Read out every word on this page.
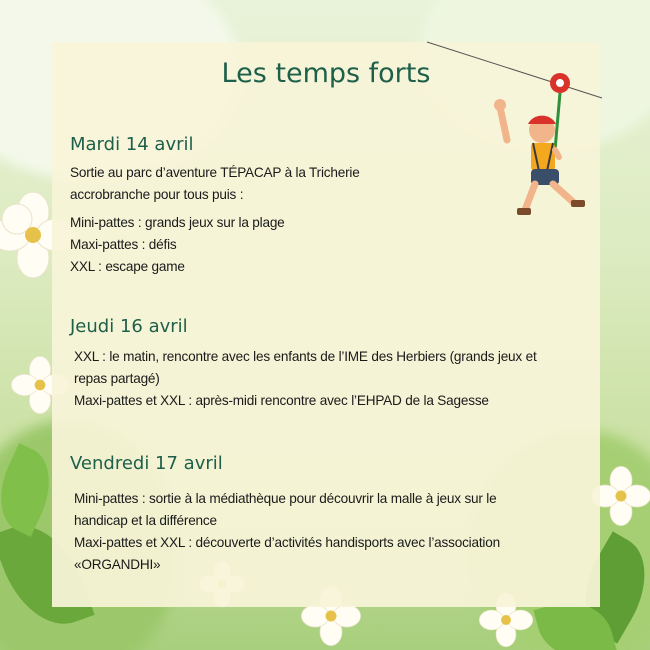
Les temps forts
Mardi 14 avril

Sortie au parc d’aventure TÉPACAP à la Tricherie

accrobranche pour tous puis :

Mini-pattes : grands jeux sur la plage

Maxi-pattes : défis

XXL : escape game

Jeudi 16 avril

XXL : le matin, rencontre avec les enfants de l’IME des Herbiers (grands jeux et

repas partagé)

Maxi-pattes et XXL : après-midi rencontre avec l’EHPAD de la Sagesse

Vendredi 17 avril

Mini-pattes : sortie à la médiathèque pour découvrir la malle à jeux sur le

handicap et la différence

Maxi-pattes et XXL : découverte d’activités handisports avec l’association

«ORGANDHI»
